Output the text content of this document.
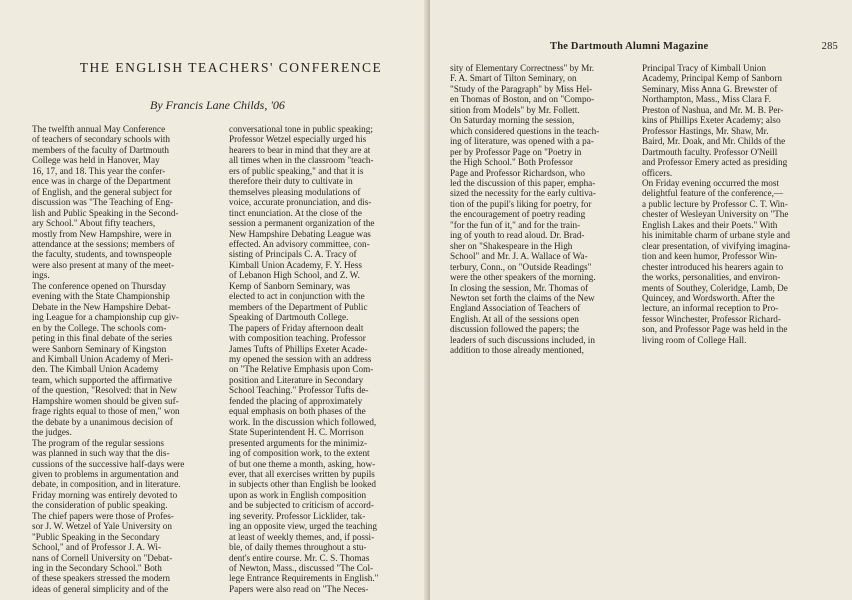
THE ENGLISH TEACHERS' CONFERENCE
By Francis Lane Childs, '06
The twelfth annual May Conference
of teachers of secondary schools with
members of the faculty of Dartmouth
College was held in Hanover, May
16, 17, and 18. This year the confer-
ence was in charge of the Department
of English, and the general subject for
discussion was "The Teaching of Eng-
lish and Public Speaking in the Second-
ary School." About fifty teachers,
mostly from New Hampshire, were in
attendance at the sessions; members of
the faculty, students, and townspeople
were also present at many of the meet-
ings.
The conference opened on Thursday
evening with the State Championship
Debate in the New Hampshire Debat-
ing League for a championship cup giv-
en by the College. The schools com-
peting in this final debate of the series
were Sanborn Seminary of Kingston
and Kimball Union Academy of Meri-
den. The Kimball Union Academy
team, which supported the affirmative
of the question, "Resolved: that in New
Hampshire women should be given suf-
frage rights equal to those of men," won
the debate by a unanimous decision of
the judges.
The program of the regular sessions
was planned in such way that the dis-
cussions of the successive half-days were
given to problems in argumentation and
debate, in composition, and in literature.
Friday morning was entirely devoted to
the consideration of public speaking.
The chief papers were those of Profes-
sor J. W. Wetzel of Yale University on
"Public Speaking in the Secondary
School," and of Professor J. A. Wi-
nans of Cornell University on "Debat-
ing in the Secondary School." Both
of these speakers stressed the modern
ideas of general simplicity and of the
conversational tone in public speaking;
Professor Wetzel especially urged his
hearers to bear in mind that they are at
all times when in the classroom "teach-
ers of public speaking," and that it is
therefore their duty to cultivate in
themselves pleasing modulations of
voice, accurate pronunciation, and dis-
tinct enunciation. At the close of the
session a permanent organization of the
New Hampshire Debating League was
effected. An advisory committee, con-
sisting of Principals C. A. Tracy of
Kimball Union Academy, F. Y. Hess
of Lebanon High School, and Z. W.
Kemp of Sanborn Seminary, was
elected to act in conjunction with the
members of the Department of Public
Speaking of Dartmouth College.
The papers of Friday afternoon dealt
with composition teaching. Professor
James Tufts of Phillips Exeter Acade-
my opened the session with an address
on "The Relative Emphasis upon Com-
position and Literature in Secondary
School Teaching." Professor Tufts de-
fended the placing of approximately
equal emphasis on both phases of the
work. In the discussion which followed,
State Superintendent H. C. Morrison
presented arguments for the minimiz-
ing of composition work, to the extent
of but one theme a month, asking, how-
ever, that all exercises written by pupils
in subjects other than English be looked
upon as work in English composition
and be subjected to criticism of accord-
ing severity. Professor Licklider, tak-
ing an opposite view, urged the teaching
at least of weekly themes, and, if possi-
ble, of daily themes throughout a stu-
dent's entire course. Mr. C. S. Thomas
of Newton, Mass., discussed "The Col-
lege Entrance Requirements in English."
Papers were also read on "The Neces-
The Dartmouth Alumni Magazine	285
sity of Elementary Correctness" by Mr.
F. A. Smart of Tilton Seminary, on
"Study of the Paragraph" by Miss Hel-
en Thomas of Boston, and on "Compo-
sition from Models" by Mr. Follett.
On Saturday morning the session,
which considered questions in the teach-
ing of literature, was opened with a pa-
per by Professor Page on "Poetry in
the High School." Both Professor
Page and Professor Richardson, who
led the discussion of this paper, empha-
sized the necessity for the early cultiva-
tion of the pupil's liking for poetry, for
the encouragement of poetry reading
"for the fun of it," and for the train-
ing of youth to read aloud. Dr. Brad-
sher on "Shakespeare in the High
School" and Mr. J. A. Wallace of Wa-
terbury, Conn., on "Outside Readings"
were the other speakers of the morning.
In closing the session, Mr. Thomas of
Newton set forth the claims of the New
England Association of Teachers of
English. At all of the sessions open
discussion followed the papers; the
leaders of such discussions included, in
addition to those already mentioned,
Principal Tracy of Kimball Union
Academy, Principal Kemp of Sanborn
Seminary, Miss Anna G. Brewster of
Northampton, Mass., Miss Clara F.
Preston of Nashua, and Mr. M. B. Per-
kins of Phillips Exeter Academy; also
Professor Hastings, Mr. Shaw, Mr.
Baird, Mr. Doak, and Mr. Childs of the
Dartmouth faculty. Professor O'Neill
and Professor Emery acted as presiding
officers.
On Friday evening occurred the most
delightful feature of the conference,—
a public lecture by Professor C. T. Win-
chester of Wesleyan University on "The
English Lakes and their Poets." With
his inimitable charm of urbane style and
clear presentation, of vivifying imagina-
tion and keen humor, Professor Win-
chester introduced his hearers again to
the works, personalities, and environ-
ments of Southey, Coleridge, Lamb, De
Quincey, and Wordsworth. After the
lecture, an informal reception to Pro-
fessor Winchester, Professor Richard-
son, and Professor Page was held in the
living room of College Hall.
